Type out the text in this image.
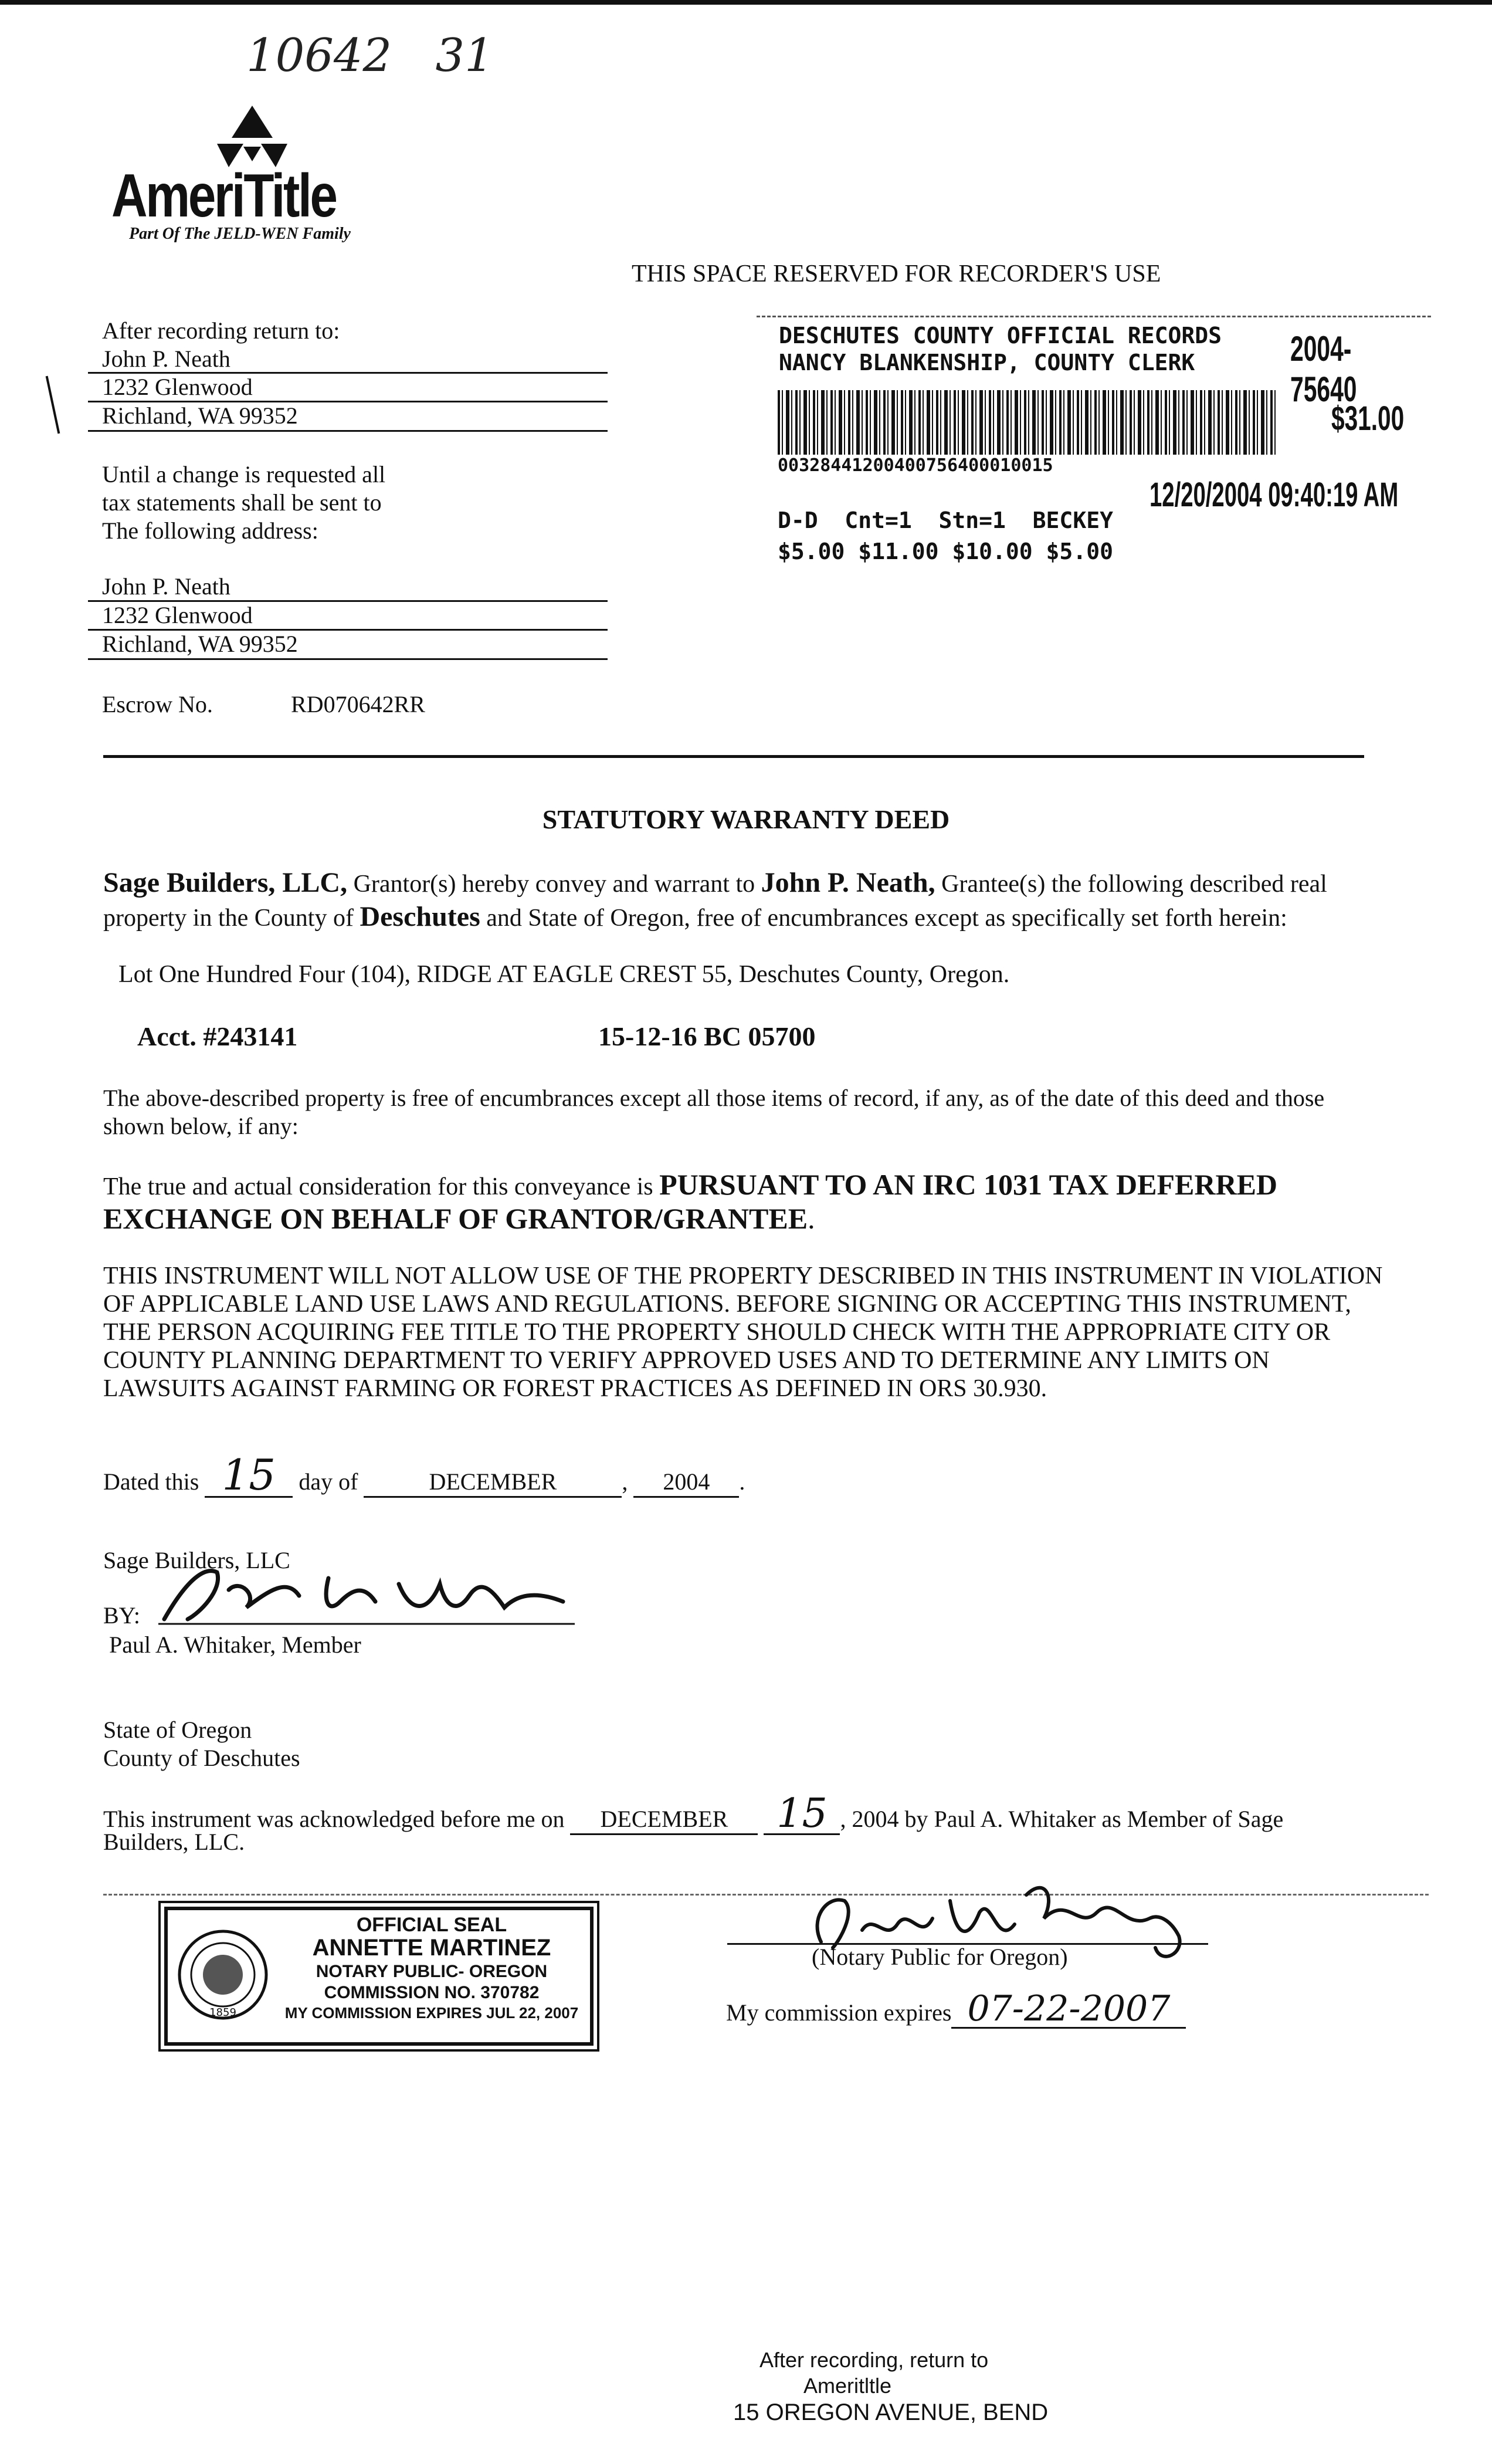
10642   31
AmeriTitle
Part Of The JELD-WEN Family
THIS SPACE RESERVED FOR RECORDER'S USE
After recording return to:
John P. Neath
1232 Glenwood
Richland, WA 99352
Until a change is requested all
tax statements shall be sent to
The following address:
John P. Neath
1232 Glenwood
Richland, WA 99352
Escrow No.	RD070642RR
DESCHUTES COUNTY OFFICIAL RECORDS
NANCY BLANKENSHIP, COUNTY CLERK	2004-75640
$31.00
00328441200400756400010015
12/20/2004 09:40:19 AM
D-D  Cnt=1  Stn=1  BECKEY
$5.00 $11.00 $10.00 $5.00
STATUTORY WARRANTY DEED
Sage Builders, LLC, Grantor(s) hereby convey and warrant to John P. Neath, Grantee(s) the following described real
property in the County of Deschutes and State of Oregon, free of encumbrances except as specifically set forth herein:
Lot One Hundred Four (104), RIDGE AT EAGLE CREST 55, Deschutes County, Oregon.
Acct. #243141	15-12-16 BC 05700
The above-described property is free of encumbrances except all those items of record, if any, as of the date of this deed and those
shown below, if any:
The true and actual consideration for this conveyance is PURSUANT TO AN IRC 1031 TAX DEFERRED
EXCHANGE ON BEHALF OF GRANTOR/GRANTEE.
THIS INSTRUMENT WILL NOT ALLOW USE OF THE PROPERTY DESCRIBED IN THIS INSTRUMENT IN VIOLATION
OF APPLICABLE LAND USE LAWS AND REGULATIONS. BEFORE SIGNING OR ACCEPTING THIS INSTRUMENT,
THE PERSON ACQUIRING FEE TITLE TO THE PROPERTY SHOULD CHECK WITH THE APPROPRIATE CITY OR
COUNTY PLANNING DEPARTMENT TO VERIFY APPROVED USES AND TO DETERMINE ANY LIMITS ON
LAWSUITS AGAINST FARMING OR FOREST PRACTICES AS DEFINED IN ORS 30.930.
Dated this 15 day of	DECEMBER	, 2004 .
Sage Builders, LLC
BY:
Paul A. Whitaker, Member
State of Oregon
County of Deschutes
This instrument was acknowledged before me on DECEMBER 15 , 2004 by Paul A. Whitaker as Member of Sage
Builders, LLC.
1859
OFFICIAL SEAL
ANNETTE MARTINEZ
NOTARY PUBLIC- OREGON
COMMISSION NO. 370782
MY COMMISSION EXPIRES JUL 22, 2007
(Notary Public for Oregon)
My commission expires 07-22-2007
After recording, return to
Ameritltle
15 OREGON AVENUE, BEND
